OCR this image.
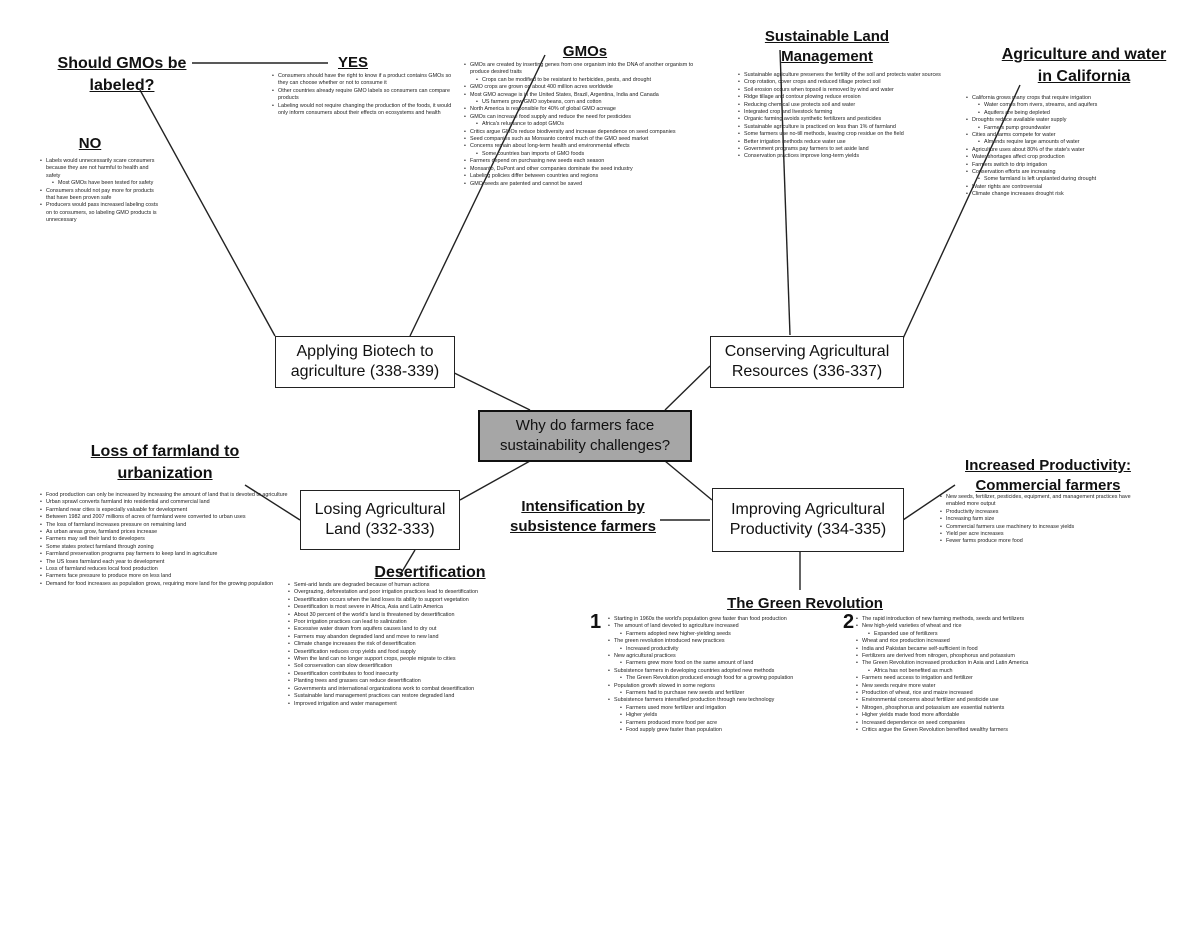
Why do farmers face sustainability challenges?
Applying Biotech to agriculture (338-339)
Conserving Agricultural Resources (336-337)
Losing Agricultural Land (332-333)
Improving Agricultural Productivity (334-335)
Should GMOs be labeled?
YES
NO
GMOs
Sustainable Land Management	Agriculture and water in California
Loss of farmland to urbanization	Increased Productivity: Commercial farmers
Intensification by subsistence farmers
Desertification
The Green Revolution
1	2
• Consumers should have the right to know if a product contains GMOs so they can choose whether or not to consume it
• Other countries already require GMO labels so consumers can compare products
• Labeling would not require changing the production of the foods, it would only inform consumers about their effects on ecosystems and health
• Labels would unnecessarily scare consumers because they are not harmful to health and safety
• Most GMOs have been tested for safety
• Consumers should not pay more for products that have been proven safe
• Producers would pass increased labeling costs on to consumers, so labeling GMO products is unnecessary
• GMOs are created by inserting genes from one organism into the DNA of another organism to produce desired traits
• Crops can be modified to be resistant to herbicides, pests, and drought
• GMO crops are grown on about 400 million acres worldwide
• Most GMO acreage is in the United States, Brazil, Argentina, India and Canada
• US farmers grow GMO soybeans, corn and cotton
• North America is responsible for 40% of global GMO acreage
• GMOs can increase food supply and reduce the need for pesticides
• Africa's reluctance to adopt GMOs
• Critics argue GMOs reduce biodiversity and increase dependence on seed companies
• Seed companies such as Monsanto control much of the GMO seed market
• Concerns remain about long-term health and environmental effects
• Some countries ban imports of GMO foods
• Farmers depend on purchasing new seeds each season
• Monsanto, DuPont and other companies dominate the seed industry
• Labeling policies differ between countries and regions
• GMO seeds are patented and cannot be saved
• Sustainable agriculture preserves the fertility of the soil and protects water sources
• Crop rotation, cover crops and reduced tillage protect soil
• Soil erosion occurs when topsoil is removed by wind and water
• Ridge tillage and contour plowing reduce erosion
• Reducing chemical use protects soil and water
• Integrated crop and livestock farming
• Organic farming avoids synthetic fertilizers and pesticides
• Sustainable agriculture is practiced on less than 1% of farmland
• Some farmers use no-till methods, leaving crop residue on the field
• Better irrigation methods reduce water use
• Government programs pay farmers to set aside land
• Conservation practices improve long-term yields
• California grows many crops that require irrigation
• Water comes from rivers, streams, and aquifers
• Aquifers are being depleted
• Droughts reduce available water supply
• Farmers pump groundwater
• Cities and farms compete for water
• Almonds require large amounts of water
• Agriculture uses about 80% of the state's water
• Water shortages affect crop production
• Farmers switch to drip irrigation
• Conservation efforts are increasing
• Some farmland is left unplanted during drought
• Water rights are controversial
• Climate change increases drought risk
• Food production can only be increased by increasing the amount of land that is devoted to agriculture
• Urban sprawl converts farmland into residential and commercial land
• Farmland near cities is especially valuable for development
• Between 1982 and 2007 millions of acres of farmland were converted to urban uses
• The loss of farmland increases pressure on remaining land
• As urban areas grow, farmland prices increase
• Farmers may sell their land to developers
• Some states protect farmland through zoning
• Farmland preservation programs pay farmers to keep land in agriculture
• The US loses farmland each year to development
• Loss of farmland reduces local food production
• Farmers face pressure to produce more on less land
• Demand for food increases as population grows, requiring more land for the growing population
• New seeds, fertilizer, pesticides, equipment, and management practices have enabled more output
• Productivity increases
• Increasing farm size
• Commercial farmers use machinery to increase yields
• Yield per acre increases
• Fewer farms produce more food
• Semi-arid lands are degraded because of human actions
• Overgrazing, deforestation and poor irrigation practices lead to desertification
• Desertification occurs when the land loses its ability to support vegetation
• Desertification is most severe in Africa, Asia and Latin America
• About 30 percent of the world's land is threatened by desertification
• Poor irrigation practices can lead to salinization
• Excessive water drawn from aquifers causes land to dry out
• Farmers may abandon degraded land and move to new land
• Climate change increases the risk of desertification
• Desertification reduces crop yields and food supply
• When the land can no longer support crops, people migrate to cities
• Soil conservation can slow desertification
• Desertification contributes to food insecurity
• Planting trees and grasses can reduce desertification
• Governments and international organizations work to combat desertification
• Sustainable land management practices can restore degraded land
• Improved irrigation and water management
• Starting in 1960s the world's population grew faster than food production
• The amount of land devoted to agriculture increased
• Farmers adopted new higher-yielding seeds
• The green revolution introduced new practices
• Increased productivity
• New agricultural practices
• Farmers grew more food on the same amount of land
• Subsistence farmers in developing countries adopted new methods
• The Green Revolution produced enough food for a growing population
• Population growth slowed in some regions
• Farmers had to purchase new seeds and fertilizer
• Subsistence farmers intensified production through new technology
• Farmers used more fertilizer and irrigation
• Higher yields
• Farmers produced more food per acre
• Food supply grew faster than population
• The rapid introduction of new farming methods, seeds and fertilizers
• New high-yield varieties of wheat and rice
• Expanded use of fertilizers
• Wheat and rice production increased
• India and Pakistan became self-sufficient in food
• Fertilizers are derived from nitrogen, phosphorus and potassium
• The Green Revolution increased production in Asia and Latin America
• Africa has not benefited as much
• Farmers need access to irrigation and fertilizer
• New seeds require more water
• Production of wheat, rice and maize increased
• Environmental concerns about fertilizer and pesticide use
• Nitrogen, phosphorus and potassium are essential nutrients
• Higher yields made food more affordable
• Increased dependence on seed companies
• Critics argue the Green Revolution benefited wealthy farmers
